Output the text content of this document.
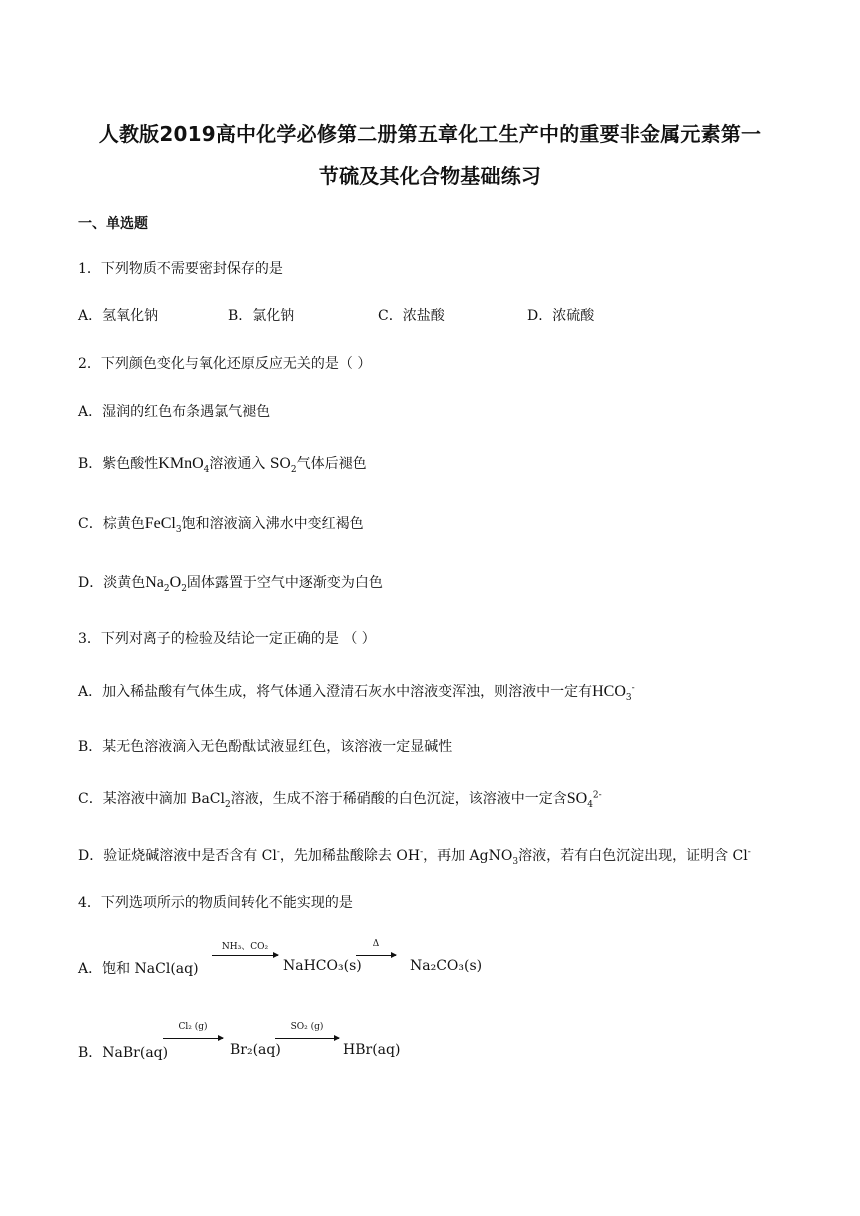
人教版2019高中化学必修第二册第五章化工生产中的重要非金属元素第一
节硫及其化合物基础练习
一、单选题
1．下列物质不需要密封保存的是
A．氢氧化钠	B．氯化钠	C．浓盐酸	D．浓硫酸
2．下列颜色变化与氧化还原反应无关的是（ ）
A．湿润的红色布条遇氯气褪色
B．紫色酸性KMnO$_4$溶液通入 $SO_2$气体后褪色
C．棕黄色FeCl$_3$饱和溶液滴入沸水中变红褐色
D．淡黄色$Na_2O_2$固体露置于空气中逐渐变为白色
3．下列对离子的检验及结论一定正确的是 （ ）
A．加入稀盐酸有气体生成，将气体通入澄清石灰水中溶液变浑浊，则溶液中一定有$HCO_3^-$
B．某无色溶液滴入无色酚酞试液显红色，该溶液一定显碱性
C．某溶液中滴加 BaCl$_2$溶液，生成不溶于稀硝酸的白色沉淀，该溶液中一定含$SO_4^{2-}$
D．验证烧碱溶液中是否含有 Cl-，先加稀盐酸除去 OH-，再加 AgNO$_3$溶液，若有白色沉淀出现，证明含 Cl-
4．下列选项所示的物质间转化不能实现的是
A．饱和 NaCl(aq)
NH₃、CO₂
NaHCO₃(s)
Δ
Na₂CO₃(s)
B．NaBr(aq)
Cl₂ (g)
Br₂(aq)
SO₂ (g)
HBr(aq)
